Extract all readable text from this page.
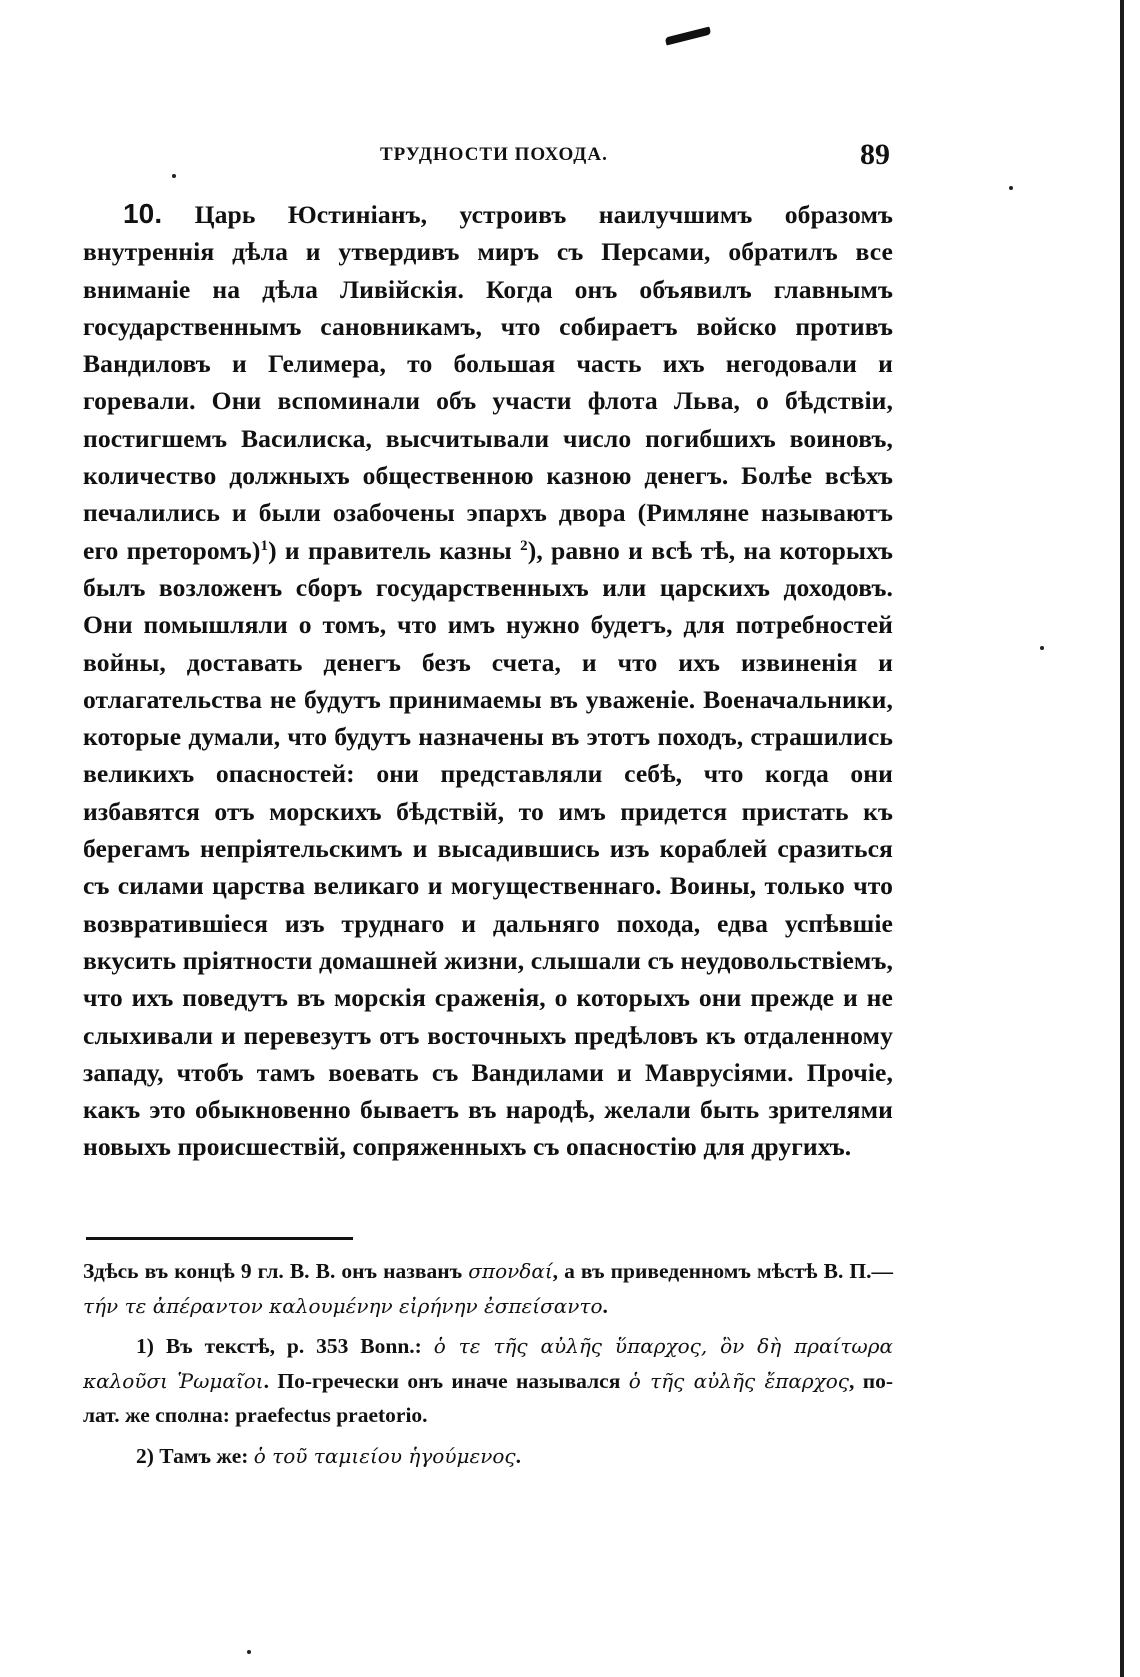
ТРУДНОСТИ ПОХОДА.	89

10. Царь Юстиніанъ, устроивъ наилучшимъ образомъ внутреннія дѣла и утвердивъ миръ съ Персами, обратилъ все вниманіе на дѣла Ливійскія. Когда онъ объявилъ главнымъ государственнымъ сановникамъ, что собираетъ войско противъ Вандиловъ и Гелимера, то большая часть ихъ негодовали и горевали. Они вспоминали объ участи флота Льва, о бѣдствіи, постигшемъ Василиска, высчитывали число погибшихъ воиновъ, количество должныхъ общественною казною денегъ. Болѣе всѣхъ печалились и были озабочены эпархъ двора (Римляне называютъ его преторомъ)$^1$) и правитель казны $^2$), равно и всѣ тѣ, на которыхъ былъ возложенъ сборъ государственныхъ или царскихъ доходовъ. Они помышляли о томъ, что имъ нужно будетъ, для потребностей войны, доставать денегъ безъ счета, и что ихъ извиненія и отлагательства не будутъ принимаемы въ уваженіе. Военачальники, которые думали, что будутъ назначены въ этотъ походъ, страшились великихъ опасностей: они представляли себѣ, что когда они избавятся отъ морскихъ бѣдствій, то имъ придется пристать къ берегамъ непріятельскимъ и высадившись изъ кораблей сразиться съ силами царства великаго и могущественнаго. Воины, только что возвратившіеся изъ труднаго и дальняго похода, едва успѣвшіе вкусить пріятности домашней жизни, слышали съ неудовольствіемъ, что ихъ поведутъ въ морскія сраженія, о которыхъ они прежде и не слыхивали и перевезутъ отъ восточныхъ предѣловъ къ отдаленному западу, чтобъ тамъ воевать съ Вандилами и Маврусіями. Прочіе, какъ это обыкновенно бываетъ въ народѣ, желали быть зрителями новыхъ происшествій, сопряженныхъ съ опасностію для другихъ.

Здѣсь въ концѣ 9 гл. В. В. онъ названъ σπονδαί, а въ приведенномъ мѣстѣ В. П.—τήν τε ἀπέραντον καλουμένην εἰρήνην ἐσπείσαντο.

1) Въ текстѣ, p. 353 Bonn.: ὁ τε τῆς αὐλῆς ὕπαρχος, ὃν δὴ πραίτωρα καλοῦσι Ῥωμαῖοι. По-гречески онъ иначе назывался ὁ τῆς αὐλῆς ἔπαρχος, по-лат. же сполна: praefectus praetorio.

2) Тамъ же: ὁ τοῦ ταμιείου ἡγούμενος.
